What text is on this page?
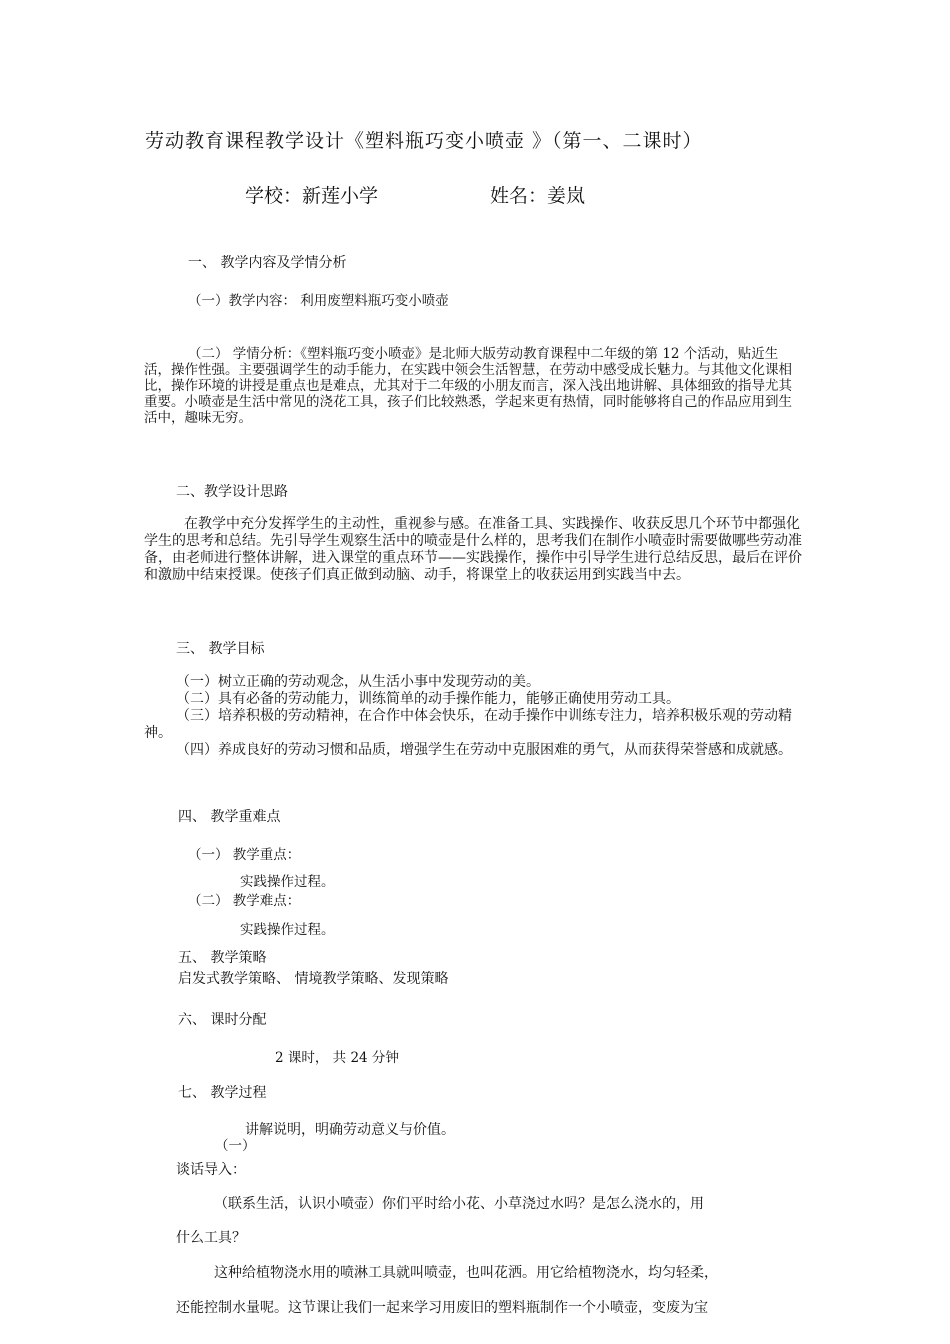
劳动教育课程教学设计《塑料瓶巧变小喷壶 》（第一、二课时）
学校：新莲小学	姓名：姜岚
一、 教学内容及学情分析
（一）教学内容： 利用废塑料瓶巧变小喷壶
（二） 学情分析：《塑料瓶巧变小喷壶》是北师大版劳动教育课程中二年级的第 12 个活动，贴近生活，操作性强。主要强调学生的动手能力，在实践中领会生活智慧，在劳动中感受成长魅力。与其他文化课相比，操作环境的讲授是重点也是难点，尤其对于二年级的小朋友而言，深入浅出地讲解、具体细致的指导尤其重要。小喷壶是生活中常见的浇花工具，孩子们比较熟悉，学起来更有热情，同时能够将自己的作品应用到生活中，趣味无穷。
二、教学设计思路
在教学中充分发挥学生的主动性，重视参与感。在准备工具、实践操作、收获反思几个环节中都强化学生的思考和总结。先引导学生观察生活中的喷壶是什么样的，思考我们在制作小喷壶时需要做哪些劳动准备，由老师进行整体讲解，进入课堂的重点环节——实践操作，操作中引导学生进行总结反思，最后在评价和激励中结束授课。使孩子们真正做到动脑、动手，将课堂上的收获运用到实践当中去。
三、 教学目标
（一）树立正确的劳动观念，从生活小事中发现劳动的美。
（二）具有必备的劳动能力，训练简单的动手操作能力，能够正确使用劳动工具。
（三）培养积极的劳动精神，在合作中体会快乐，在动手操作中训练专注力，培养积极乐观的劳动精神。
（四）养成良好的劳动习惯和品质，增强学生在劳动中克服困难的勇气，从而获得荣誉感和成就感。
四、 教学重难点
（一） 教学重点：
实践操作过程。
（二） 教学难点：
实践操作过程。
五、 教学策略
启发式教学策略、 情境教学策略、发现策略
六、 课时分配
2 课时， 共 24 分钟
七、 教学过程
讲解说明，明确劳动意义与价值。
（一）
谈话导入：
（联系生活，认识小喷壶）你们平时给小花、小草浇过水吗？是怎么浇水的，用
什么工具？
这种给植物浇水用的喷淋工具就叫喷壶，也叫花洒。用它给植物浇水，均匀轻柔，
还能控制水量呢。这节课让我们一起来学习用废旧的塑料瓶制作一个小喷壶，变废为宝
